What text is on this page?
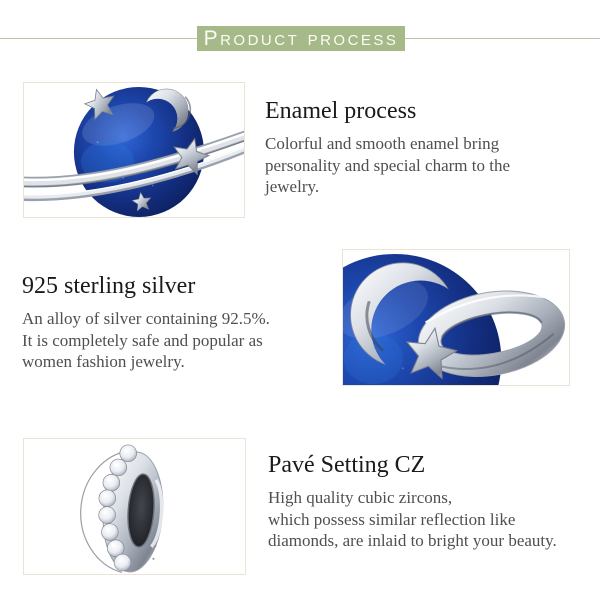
Product process
Enamel process

Colorful and smooth enamel bring
personality and special charm to the
jewelry.

925 sterling silver

An alloy of silver containing 92.5%.
It is completely safe and popular as
women fashion jewelry.

Pavé Setting CZ

High quality cubic zircons,
which possess similar reflection like
diamonds, are inlaid to bright your beauty.
